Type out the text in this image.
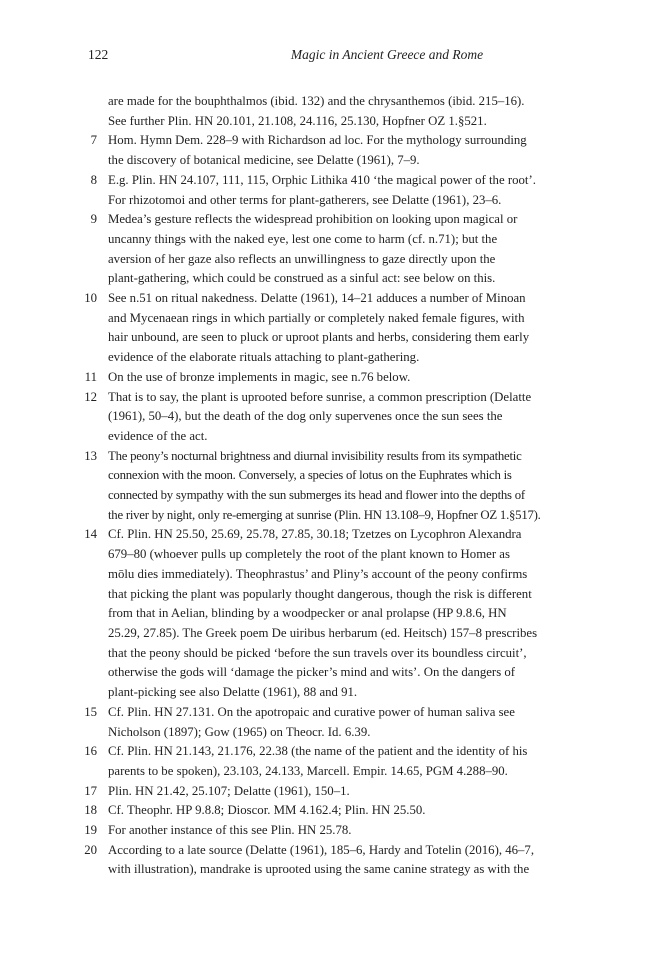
122	Magic in Ancient Greece and Rome
are made for the bouphthalmos (ibid. 132) and the chrysanthemos (ibid. 215–16).
See further Plin. HN 20.101, 21.108, 24.116, 25.130, Hopfner OZ 1.§521.
7 Hom. Hymn Dem. 228–9 with Richardson ad loc. For the mythology surrounding
the discovery of botanical medicine, see Delatte (1961), 7–9.
8 E.g. Plin. HN 24.107, 111, 115, Orphic Lithika 410 ‘the magical power of the root’.
For rhizotomoi and other terms for plant-gatherers, see Delatte (1961), 23–6.
9 Medea’s gesture reflects the widespread prohibition on looking upon magical or
uncanny things with the naked eye, lest one come to harm (cf. n.71); but the
aversion of her gaze also reflects an unwillingness to gaze directly upon the
plant-gathering, which could be construed as a sinful act: see below on this.
10 See n.51 on ritual nakedness. Delatte (1961), 14–21 adduces a number of Minoan
and Mycenaean rings in which partially or completely naked female figures, with
hair unbound, are seen to pluck or uproot plants and herbs, considering them early
evidence of the elaborate rituals attaching to plant-gathering.
11 On the use of bronze implements in magic, see n.76 below.
12 That is to say, the plant is uprooted before sunrise, a common prescription (Delatte
(1961), 50–4), but the death of the dog only supervenes once the sun sees the
evidence of the act.
13 The peony’s nocturnal brightness and diurnal invisibility results from its sympathetic
connexion with the moon. Conversely, a species of lotus on the Euphrates which is
connected by sympathy with the sun submerges its head and flower into the depths of
the river by night, only re-emerging at sunrise (Plin. HN 13.108–9, Hopfner OZ 1.§517).
14 Cf. Plin. HN 25.50, 25.69, 25.78, 27.85, 30.18; Tzetzes on Lycophron Alexandra
679–80 (whoever pulls up completely the root of the plant known to Homer as
mōlu dies immediately). Theophrastus’ and Pliny’s account of the peony confirms
that picking the plant was popularly thought dangerous, though the risk is different
from that in Aelian, blinding by a woodpecker or anal prolapse (HP 9.8.6, HN
25.29, 27.85). The Greek poem De uiribus herbarum (ed. Heitsch) 157–8 prescribes
that the peony should be picked ‘before the sun travels over its boundless circuit’,
otherwise the gods will ‘damage the picker’s mind and wits’. On the dangers of
plant-picking see also Delatte (1961), 88 and 91.
15 Cf. Plin. HN 27.131. On the apotropaic and curative power of human saliva see
Nicholson (1897); Gow (1965) on Theocr. Id. 6.39.
16 Cf. Plin. HN 21.143, 21.176, 22.38 (the name of the patient and the identity of his
parents to be spoken), 23.103, 24.133, Marcell. Empir. 14.65, PGM 4.288–90.
17 Plin. HN 21.42, 25.107; Delatte (1961), 150–1.
18 Cf. Theophr. HP 9.8.8; Dioscor. MM 4.162.4; Plin. HN 25.50.
19 For another instance of this see Plin. HN 25.78.
20 According to a late source (Delatte (1961), 185–6, Hardy and Totelin (2016), 46–7,
with illustration), mandrake is uprooted using the same canine strategy as with the
